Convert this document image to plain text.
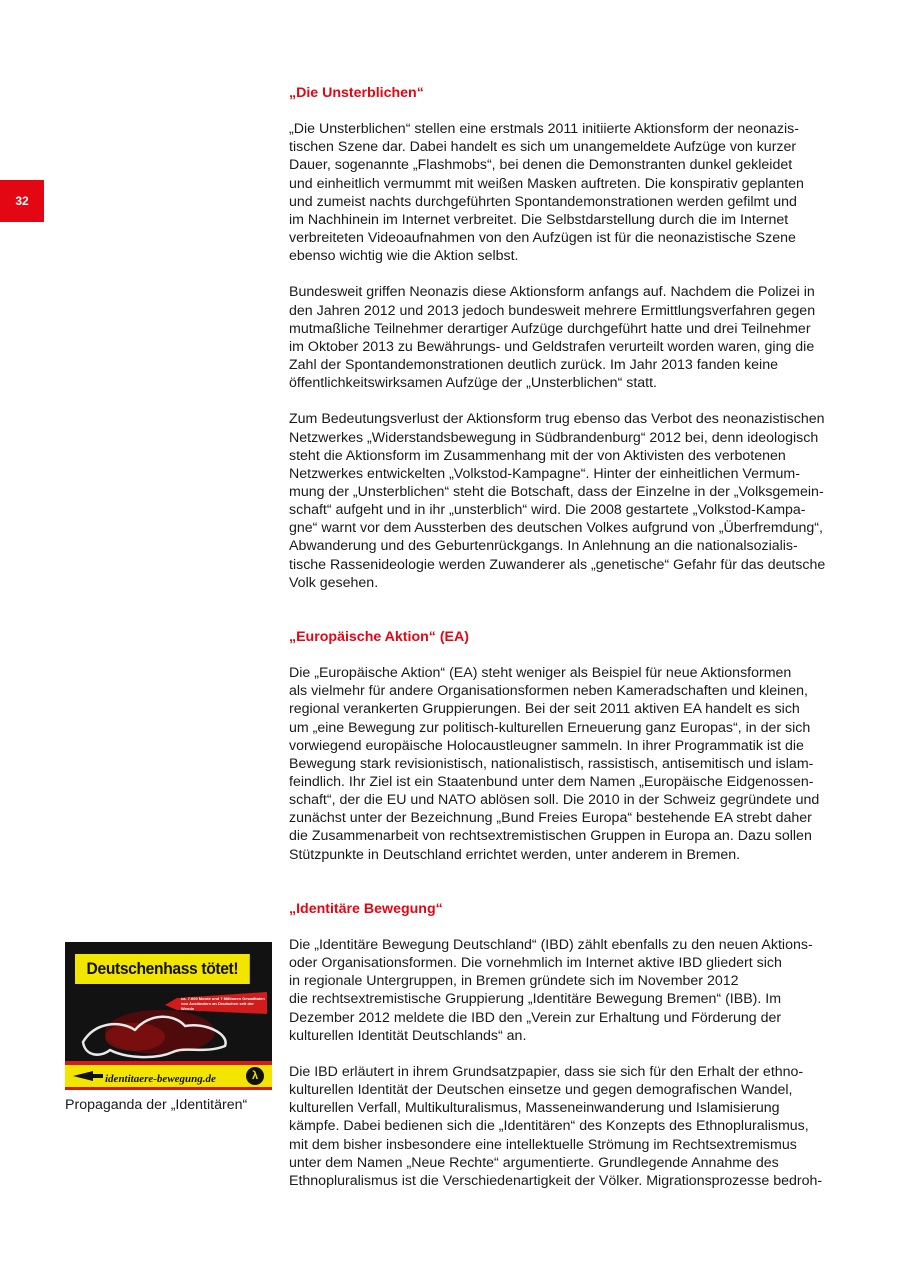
32
„Die Unsterblichen“

„Die Unsterblichen“ stellen eine erstmals 2011 initiierte Aktionsform der neonazis-
tischen Szene dar. Dabei handelt es sich um unangemeldete Aufzüge von kurzer
Dauer, sogenannte „Flashmobs“, bei denen die Demonstranten dunkel gekleidet
und einheitlich vermummt mit weißen Masken auftreten. Die konspirativ geplanten
und zumeist nachts durchgeführten Spontandemonstrationen werden gefilmt und
im Nachhinein im Internet verbreitet. Die Selbstdarstellung durch die im Internet
verbreiteten Videoaufnahmen von den Aufzügen ist für die neonazistische Szene
ebenso wichtig wie die Aktion selbst.

Bundesweit griffen Neonazis diese Aktionsform anfangs auf. Nachdem die Polizei in
den Jahren 2012 und 2013 jedoch bundesweit mehrere Ermittlungsverfahren gegen
mutmaßliche Teilnehmer derartiger Aufzüge durchgeführt hatte und drei Teilnehmer
im Oktober 2013 zu Bewährungs- und Geldstrafen verurteilt worden waren, ging die
Zahl der Spontandemonstrationen deutlich zurück. Im Jahr 2013 fanden keine
öffentlichkeitswirksamen Aufzüge der „Unsterblichen“ statt.

Zum Bedeutungsverlust der Aktionsform trug ebenso das Verbot des neonazistischen
Netzwerkes „Widerstandsbewegung in Südbrandenburg“ 2012 bei, denn ideologisch
steht die Aktionsform im Zusammenhang mit der von Aktivisten des verbotenen
Netzwerkes entwickelten „Volkstod-Kampagne“. Hinter der einheitlichen Vermum-
mung der „Unsterblichen“ steht die Botschaft, dass der Einzelne in der „Volksgemein-
schaft“ aufgeht und in ihr „unsterblich“ wird. Die 2008 gestartete „Volkstod-Kampa-
gne“ warnt vor dem Aussterben des deutschen Volkes aufgrund von „Überfremdung“,
Abwanderung und des Geburtenrückgangs. In Anlehnung an die nationalsozialis-
tische Rassenideologie werden Zuwanderer als „genetische“ Gefahr für das deutsche
Volk gesehen.

„Europäische Aktion“ (EA)

Die „Europäische Aktion“ (EA) steht weniger als Beispiel für neue Aktionsformen
als vielmehr für andere Organisationsformen neben Kameradschaften und kleinen,
regional verankerten Gruppierungen. Bei der seit 2011 aktiven EA handelt es sich
um „eine Bewegung zur politisch-kulturellen Erneuerung ganz Europas“, in der sich
vorwiegend europäische Holocaustleugner sammeln. In ihrer Programmatik ist die
Bewegung stark revisionistisch, nationalistisch, rassistisch, antisemitisch und islam-
feindlich. Ihr Ziel ist ein Staatenbund unter dem Namen „Europäische Eidgenossen-
schaft“, der die EU und NATO ablösen soll. Die 2010 in der Schweiz gegründete und
zunächst unter der Bezeichnung „Bund Freies Europa“ bestehende EA strebt daher
die Zusammenarbeit von rechtsextremistischen Gruppen in Europa an. Dazu sollen
Stützpunkte in Deutschland errichtet werden, unter anderem in Bremen.

„Identitäre Bewegung“

Die „Identitäre Bewegung Deutschland“ (IBD) zählt ebenfalls zu den neuen Aktions-
oder Organisationsformen. Die vornehmlich im Internet aktive IBD gliedert sich
in regionale Untergruppen, in Bremen gründete sich im November 2012
die rechtsextremistische Gruppierung „Identitäre Bewegung Bremen“ (IBB). Im
Dezember 2012 meldete die IBD den „Verein zur Erhaltung und Förderung der
kulturellen Identität Deutschlands“ an.

Die IBD erläutert in ihrem Grundsatzpapier, dass sie sich für den Erhalt der ethno-
kulturellen Identität der Deutschen einsetze und gegen demografischen Wandel,
kulturellen Verfall, Multikulturalismus, Masseneinwanderung und Islamisierung
kämpfe. Dabei bedienen sich die „Identitären“ des Konzepts des Ethnopluralismus,
mit dem bisher insbesondere eine intellektuelle Strömung im Rechtsextremismus
unter dem Namen „Neue Rechte“ argumentierte. Grundlegende Annahme des
Ethnopluralismus ist die Verschiedenartigkeit der Völker. Migrationsprozesse bedroh-

Deutschenhass tötet!
ca. 7.000 Morde und 7 Millionen Gewalttaten
von Ausländern an Deutschen seit der Wende
identitaere-bewegung.de	λ
Propaganda der „Identitären“
